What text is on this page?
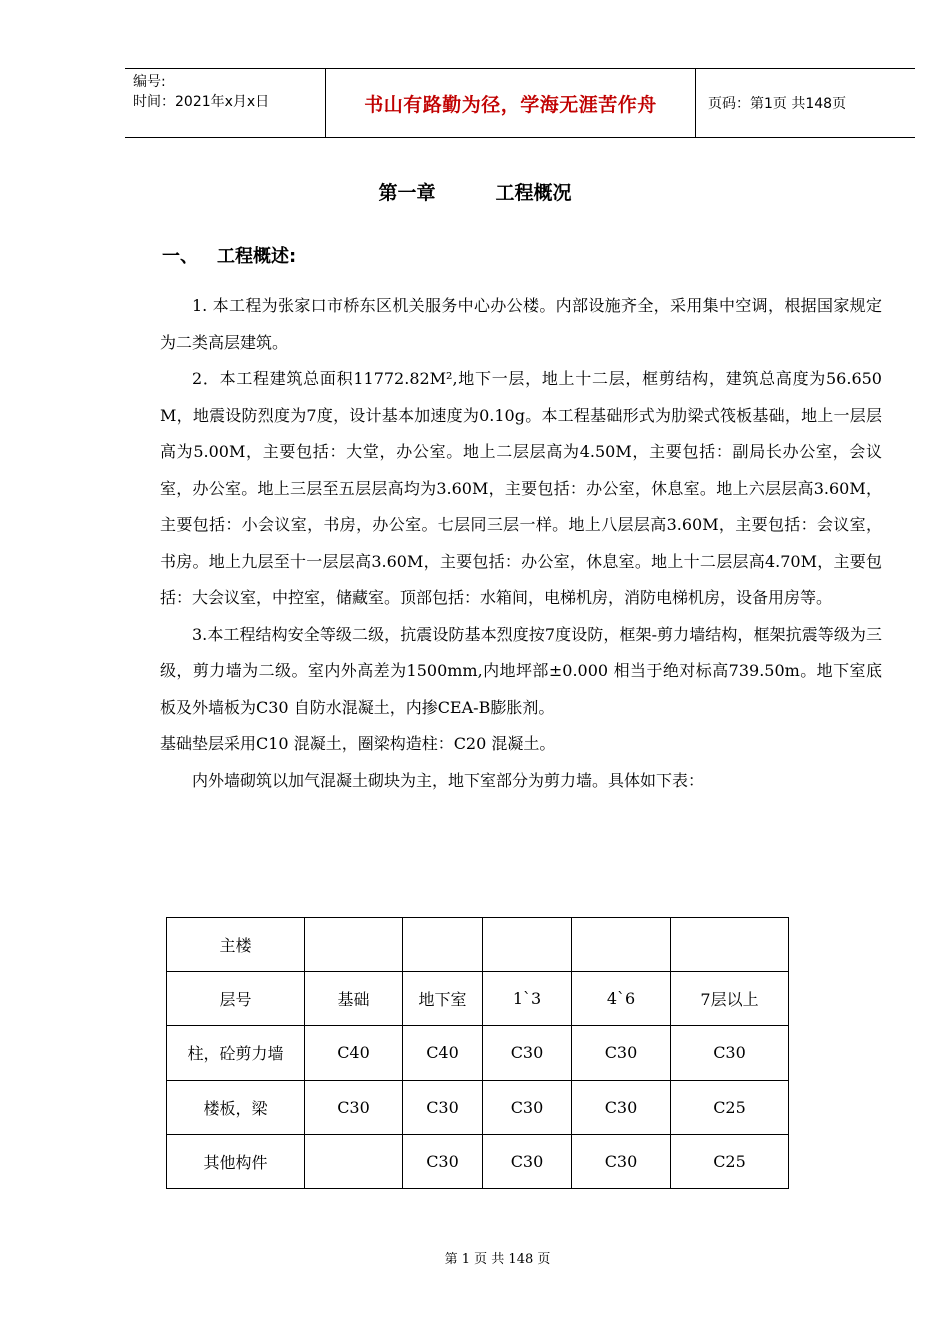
编号:
时间：2021年x月x日	书山有路勤为径，学海无涯苦作舟	页码：第1页 共148页
第一章	工程概况
一、 工程概述:

1. 本工程为张家口市桥东区机关服务中心办公楼。内部设施齐全，采用集中空调，根据国家规定为二类高层建筑。

2．本工程建筑总面积11772.82M²,地下一层，地上十二层，框剪结构，建筑总高度为56.650 M，地震设防烈度为7度，设计基本加速度为0.10g。本工程基础形式为肋梁式筏板基础，地上一层层高为5.00M，主要包括：大堂，办公室。地上二层层高为4.50M，主要包括：副局长办公室，会议室，办公室。地上三层至五层层高均为3.60M，主要包括：办公室，休息室。地上六层层高3.60M，主要包括：小会议室，书房，办公室。七层同三层一样。地上八层层高3.60M，主要包括：会议室，书房。地上九层至十一层层高3.60M，主要包括：办公室，休息室。地上十二层层高4.70M，主要包括：大会议室，中控室，储藏室。顶部包括：水箱间，电梯机房，消防电梯机房，设备用房等。

3.本工程结构安全等级二级，抗震设防基本烈度按7度设防，框架-剪力墙结构，框架抗震等级为三级，剪力墙为二级。室内外高差为1500mm,内地坪部±0.000 相当于绝对标高739.50m。地下室底板及外墙板为C30 自防水混凝土，内掺CEA-B膨胀剂。

基础垫层采用C10 混凝土，圈梁构造柱：C20 混凝土。

内外墙砌筑以加气混凝土砌块为主，地下室部分为剪力墙。具体如下表：

主楼					
层号	基础	地下室	1`3	4`6	7层以上
柱，砼剪力墙	C40	C40	C30	C30	C30
楼板，梁	C30	C30	C30	C30	C25
其他构件		C30	C30	C30	C25
第 1 页 共 148 页
